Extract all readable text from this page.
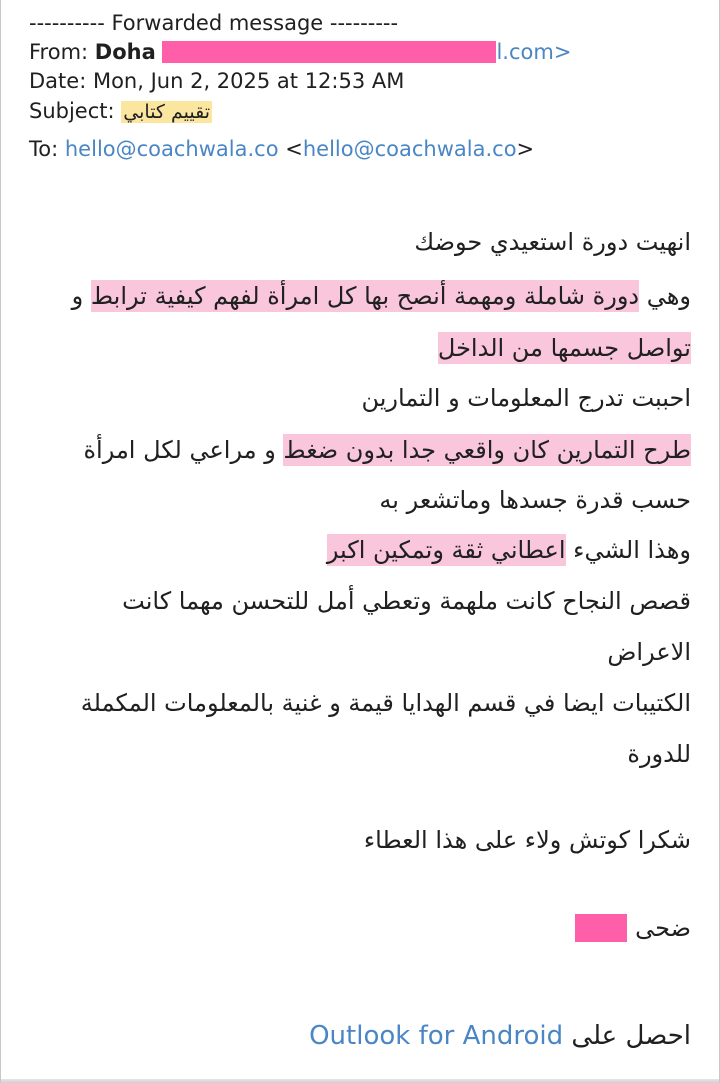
---------- Forwarded message ---------
From: Doha	l.com>
Date: Mon, Jun 2, 2025 at 12:53 AM
Subject: تقييم كتابي
To: hello@coachwala.co <hello@coachwala.co>
انهيت دورة استعيدي حوضك
وهي دورة شاملة ومهمة أنصح بها كل امرأة لفهم كيفية ترابط و
تواصل جسمها من الداخل
احببت تدرج المعلومات و التمارين
طرح التمارين كان واقعي جدا بدون ضغط و مراعي لكل امرأة
حسب قدرة جسدها وماتشعر به
وهذا الشيء اعطاني ثقة وتمكين اكبر
قصص النجاح كانت ملهمة وتعطي أمل للتحسن مهما كانت
الاعراض
الكتيبات ايضا في قسم الهدايا قيمة و غنية بالمعلومات المكملة
للدورة
شكرا كوتش ولاء على هذا العطاء
ضحى
احصل على Outlook for Android
